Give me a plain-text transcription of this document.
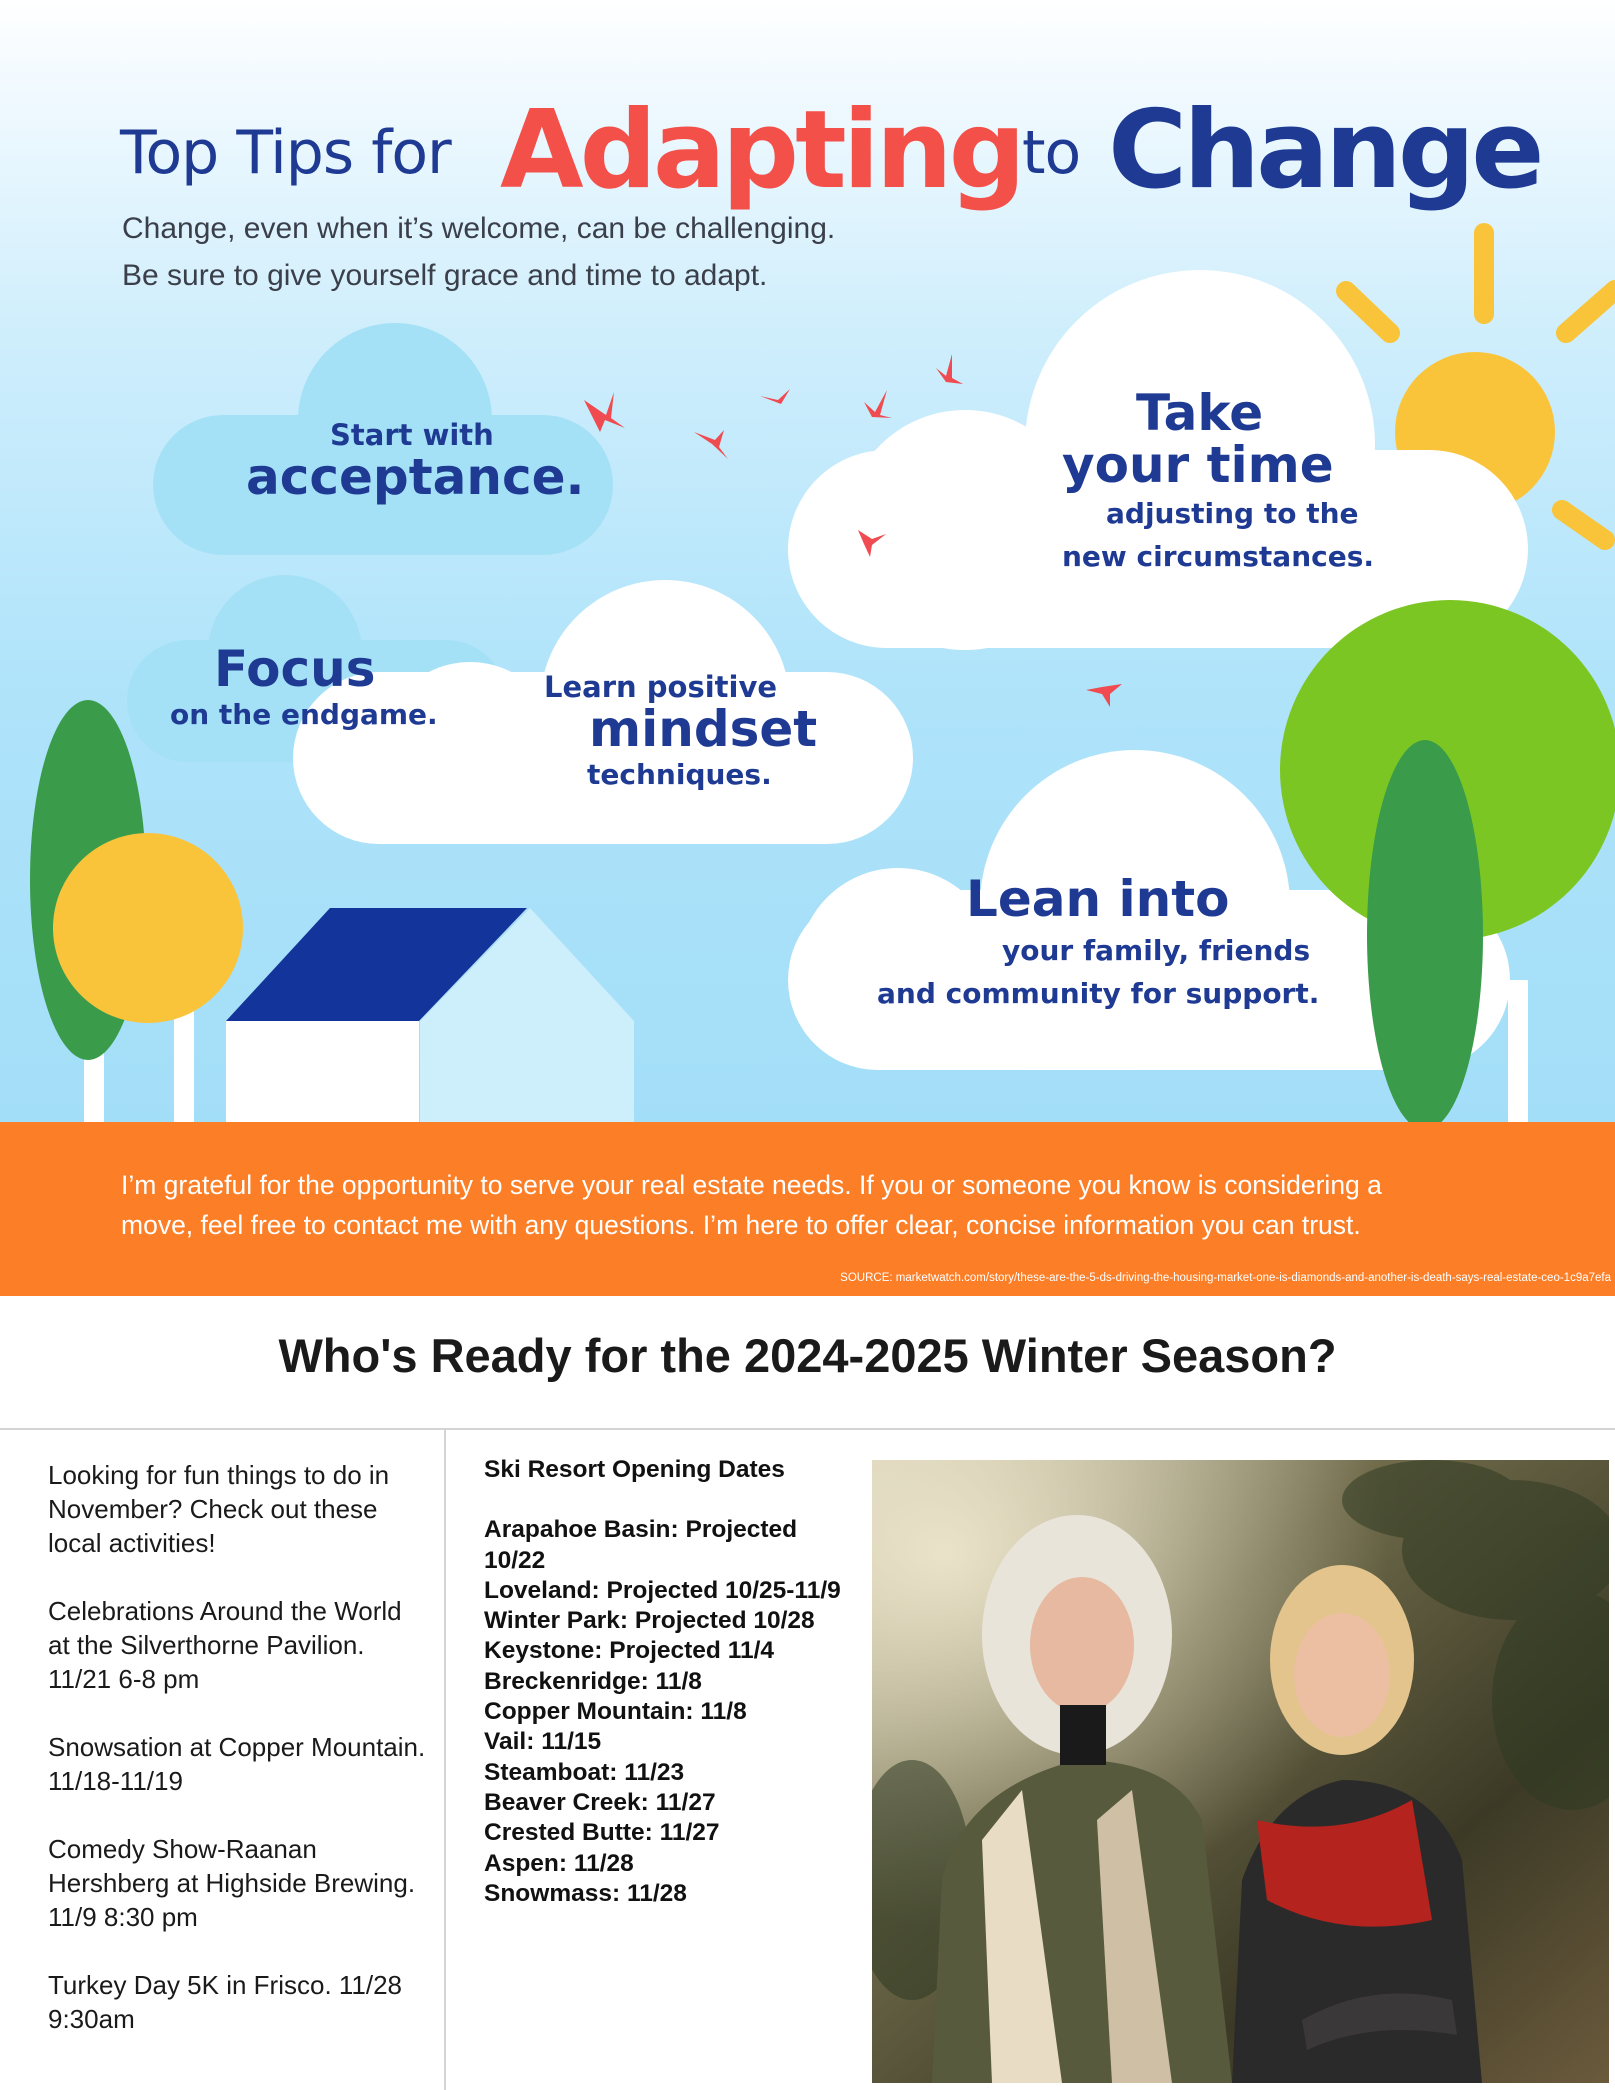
Top Tips for Adapting to Change
Change, even when it’s welcome, can be challenging.
Be sure to give yourself grace and time to adapt.
Start with
acceptance.
Take
your time
adjusting to the
new circumstances.
Focus
on the endgame.
Learn positive
mindset
techniques.
Lean into
your family, friends
and community for support.
I’m grateful for the opportunity to serve your real estate needs. If you or someone you know is considering a
move, feel free to contact me with any questions. I’m here to offer clear, concise information you can trust.
SOURCE: marketwatch.com/story/these-are-the-5-ds-driving-the-housing-market-one-is-diamonds-and-another-is-death-says-real-estate-ceo-1c9a7efa
Who's Ready for the 2024-2025 Winter Season?

Looking for fun things to do in November? Check out these local activities!

Celebrations Around the World at the Silverthorne Pavilion. 11/21 6-8 pm

Snowsation at Copper Mountain. 11/18-11/19

Comedy Show-Raanan Hershberg at Highside Brewing. 11/9 8:30 pm

Turkey Day 5K in Frisco. 11/28 9:30am

Ski Resort Opening Dates
Arapahoe Basin: Projected 10/22
Loveland: Projected 10/25-11/9
Winter Park: Projected 10/28
Keystone: Projected 11/4
Breckenridge: 11/8
Copper Mountain: 11/8
Vail: 11/15
Steamboat: 11/23
Beaver Creek: 11/27
Crested Butte: 11/27
Aspen: 11/28
Snowmass: 11/28
